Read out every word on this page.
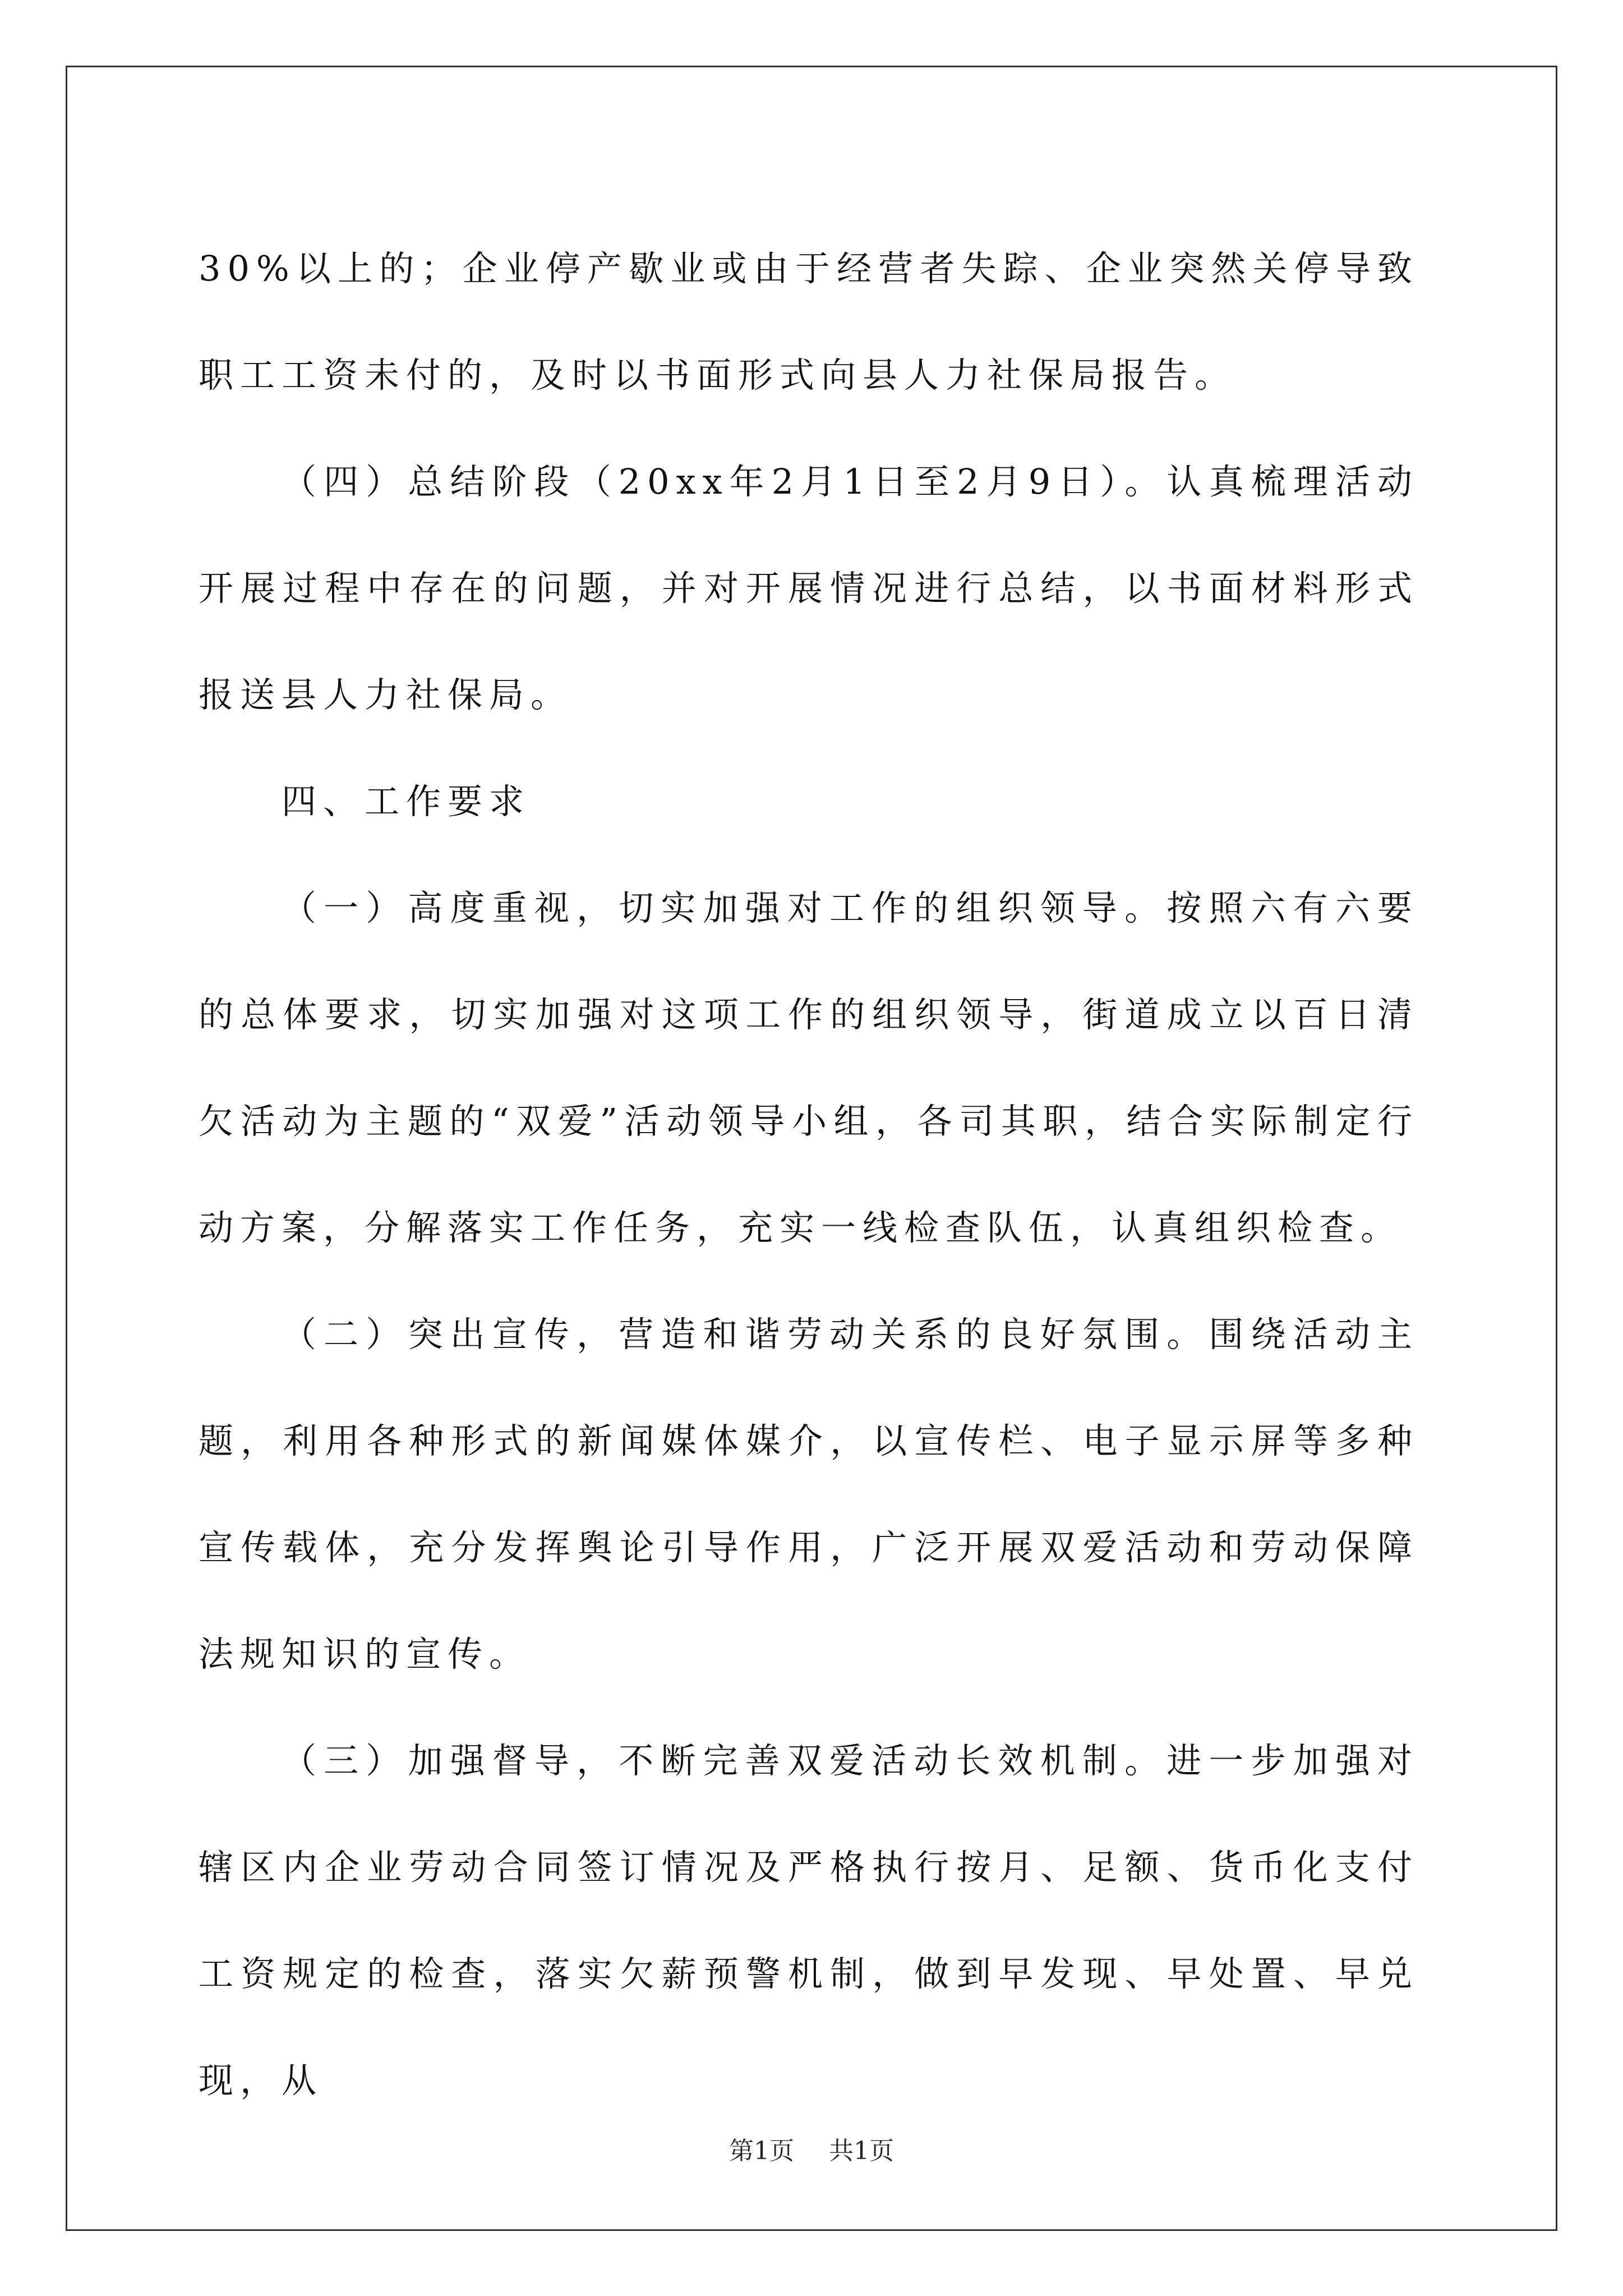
30%以上的；企业停产歇业或由于经营者失踪、企业突然关停导致职工工资未付的，及时以书面形式向县人力社保局报告。

（四）总结阶段（20xx年2月1日至2月9日）。认真梳理活动开展过程中存在的问题，并对开展情况进行总结，以书面材料形式报送县人力社保局。

四、工作要求

（一）高度重视，切实加强对工作的组织领导。按照六有六要的总体要求，切实加强对这项工作的组织领导，街道成立以百日清欠活动为主题的“双爱”活动领导小组，各司其职，结合实际制定行动方案，分解落实工作任务，充实一线检查队伍，认真组织检查。

（二）突出宣传，营造和谐劳动关系的良好氛围。围绕活动主题，利用各种形式的新闻媒体媒介，以宣传栏、电子显示屏等多种宣传载体，充分发挥舆论引导作用，广泛开展双爱活动和劳动保障法规知识的宣传。

（三）加强督导，不断完善双爱活动长效机制。进一步加强对辖区内企业劳动合同签订情况及严格执行按月、足额、货币化支付工资规定的检查，落实欠薪预警机制，做到早发现、早处置、早兑现，从

第1页 共1页
